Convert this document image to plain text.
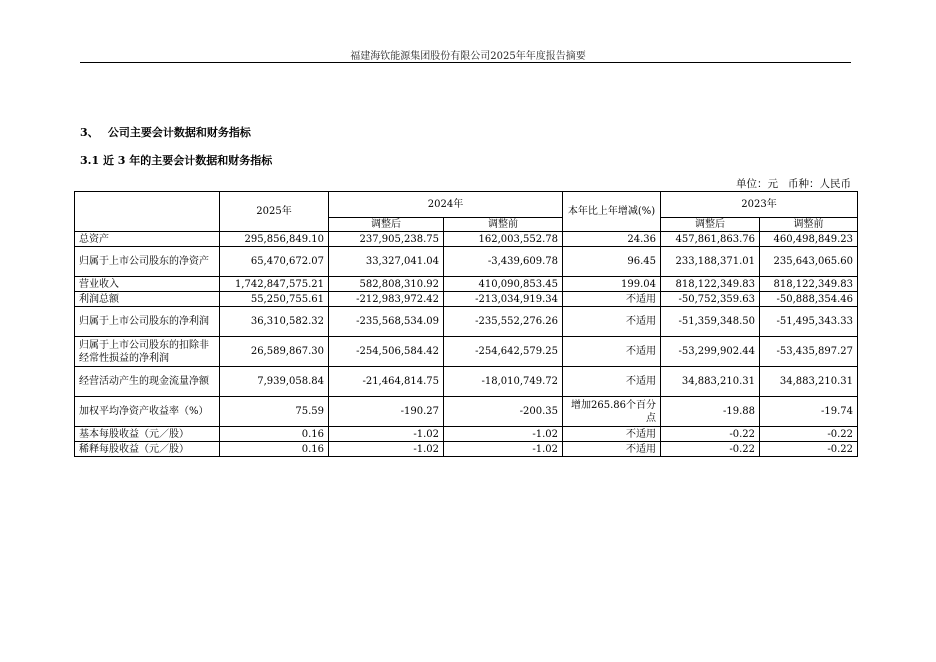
福建海钦能源集团股份有限公司2025年年度报告摘要
3、 公司主要会计数据和财务指标
3.1 近 3 年的主要会计数据和财务指标
单位：元 币种：人民币
	2025年	2024年		本年比上年增减(%)	2023年	
		调整后	调整前		调整后	调整前
总资产	295,856,849.10	237,905,238.75	162,003,552.78	24.36	457,861,863.76	460,498,849.23
归属于上市公司股东的净资产	65,470,672.07	33,327,041.04	-3,439,609.78	96.45	233,188,371.01	235,643,065.60
营业收入	1,742,847,575.21	582,808,310.92	410,090,853.45	199.04	818,122,349.83	818,122,349.83
利润总额	55,250,755.61	-212,983,972.42	-213,034,919.34	不适用	-50,752,359.63	-50,888,354.46
归属于上市公司股东的净利润	36,310,582.32	-235,568,534.09	-235,552,276.26	不适用	-51,359,348.50	-51,495,343.33
归属于上市公司股东的扣除非经常性损益的净利润	26,589,867.30	-254,506,584.42	-254,642,579.25	不适用	-53,299,902.44	-53,435,897.27
经营活动产生的现金流量净额	7,939,058.84	-21,464,814.75	-18,010,749.72	不适用	34,883,210.31	34,883,210.31
加权平均净资产收益率（%）	75.59	-190.27	-200.35	增加265.86个百分点	-19.88	-19.74
基本每股收益（元／股）	0.16	-1.02	-1.02	不适用	-0.22	-0.22
稀释每股收益（元／股）	0.16	-1.02	-1.02	不适用	-0.22	-0.22
